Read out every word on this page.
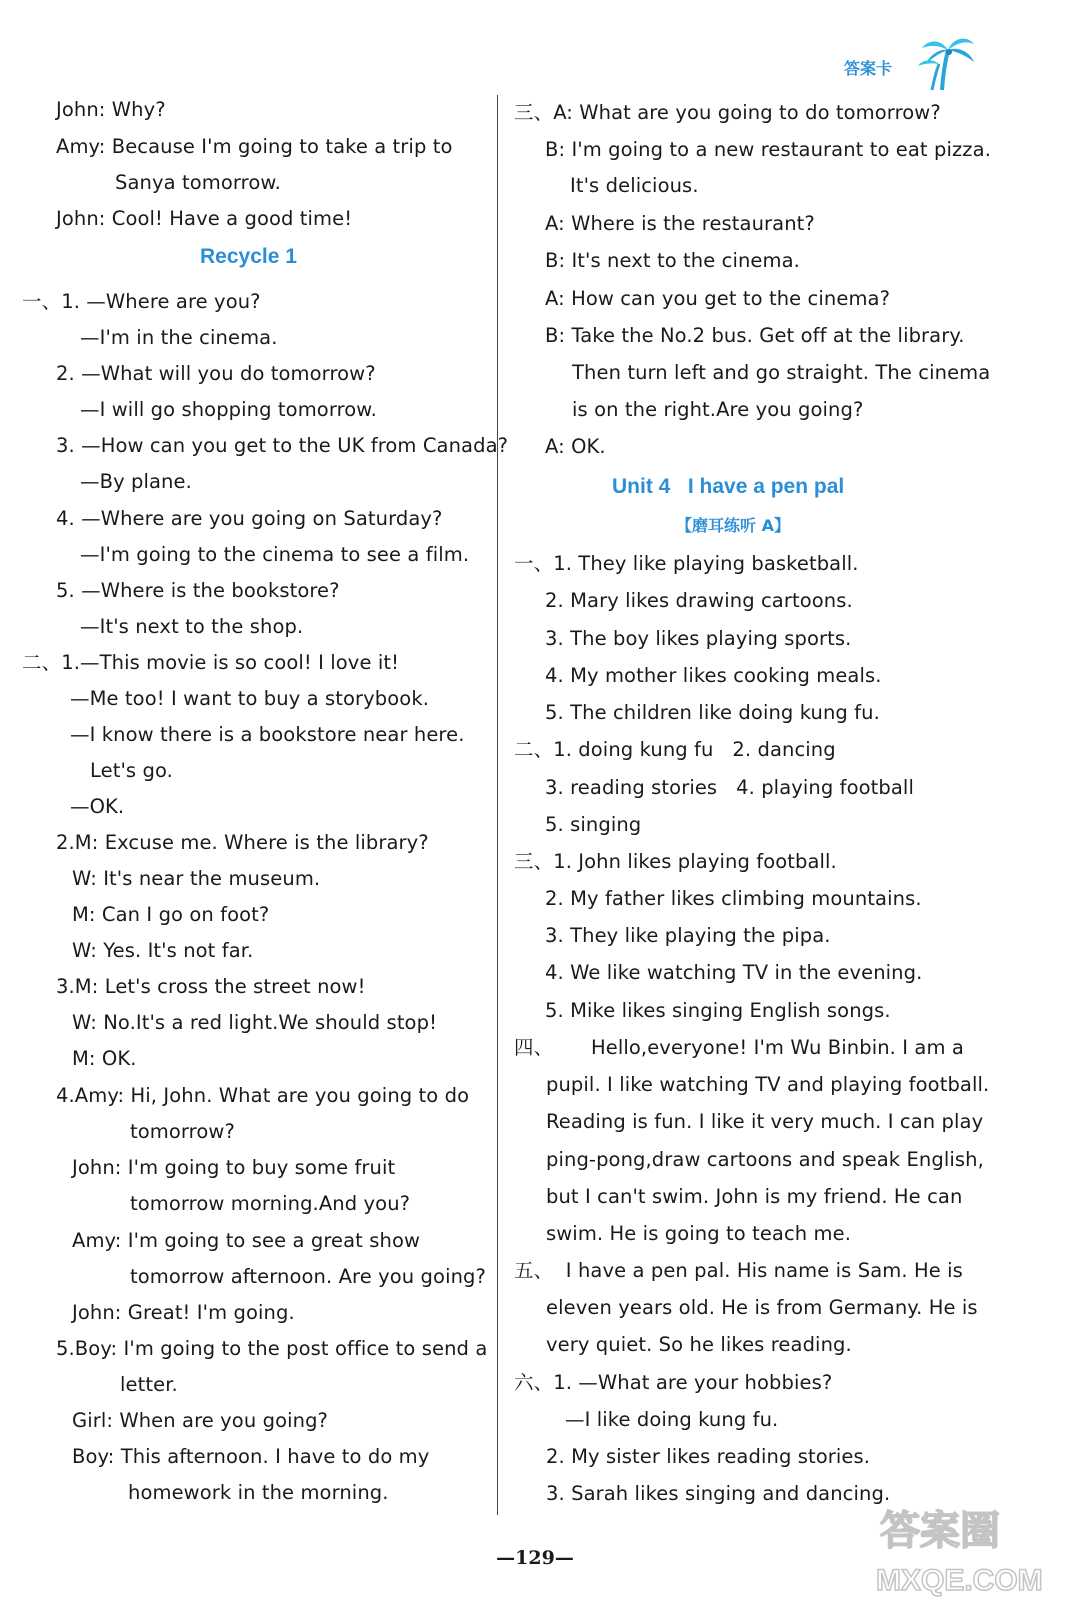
答案卡
John: Why?
Amy: Because I'm going to take a trip to
Sanya tomorrow.
John: Cool! Have a good time!
Recycle 1
一、1. —Where are you?
—I'm in the cinema.
2. —What will you do tomorrow?
—I will go shopping tomorrow.
3. —How can you get to the UK from Canada?
—By plane.
4. —Where are you going on Saturday?
—I'm going to the cinema to see a film.
5. —Where is the bookstore?
—It's next to the shop.
二、1.—This movie is so cool! I love it!
—Me too! I want to buy a storybook.
—I know there is a bookstore near here.
Let's go.
—OK.
2.M: Excuse me. Where is the library?
W: It's near the museum.
M: Can I go on foot?
W: Yes. It's not far.
3.M: Let's cross the street now!
W: No.It's a red light.We should stop!
M: OK.
4.Amy: Hi, John. What are you going to do
tomorrow?
John: I'm going to buy some fruit
tomorrow morning.And you?
Amy: I'm going to see a great show
tomorrow afternoon. Are you going?
John: Great! I'm going.
5.Boy: I'm going to the post office to send a
letter.
Girl: When are you going?
Boy: This afternoon. I have to do my
homework in the morning.
三、A: What are you going to do tomorrow?
B: I'm going to a new restaurant to eat pizza.
It's delicious.
A: Where is the restaurant?
B: It's next to the cinema.
A: How can you get to the cinema?
B: Take the No.2 bus. Get off at the library.
Then turn left and go straight. The cinema
is on the right.Are you going?
A: OK.
Unit 4   I have a pen pal
【磨耳练听 A】
一、1. They like playing basketball.
2. Mary likes drawing cartoons.
3. The boy likes playing sports.
4. My mother likes cooking meals.
5. The children like doing kung fu.
二、1. doing kung fu   2. dancing
3. reading stories   4. playing football
5. singing
三、1. John likes playing football.
2. My father likes climbing mountains.
3. They like playing the pipa.
4. We like watching TV in the evening.
5. Mike likes singing English songs.
四、      Hello,everyone! I'm Wu Binbin. I am a
pupil. I like watching TV and playing football.
Reading is fun. I like it very much. I can play
ping-pong,draw cartoons and speak English,
but I can't swim. John is my friend. He can
swim. He is going to teach me.
五、  I have a pen pal. His name is Sam. He is
eleven years old. He is from Germany. He is
very quiet. So he likes reading.
六、1. —What are your hobbies?
—I like doing kung fu.
2. My sister likes reading stories.
3. Sarah likes singing and dancing.
—129—
答案圈
MXQE.COM
